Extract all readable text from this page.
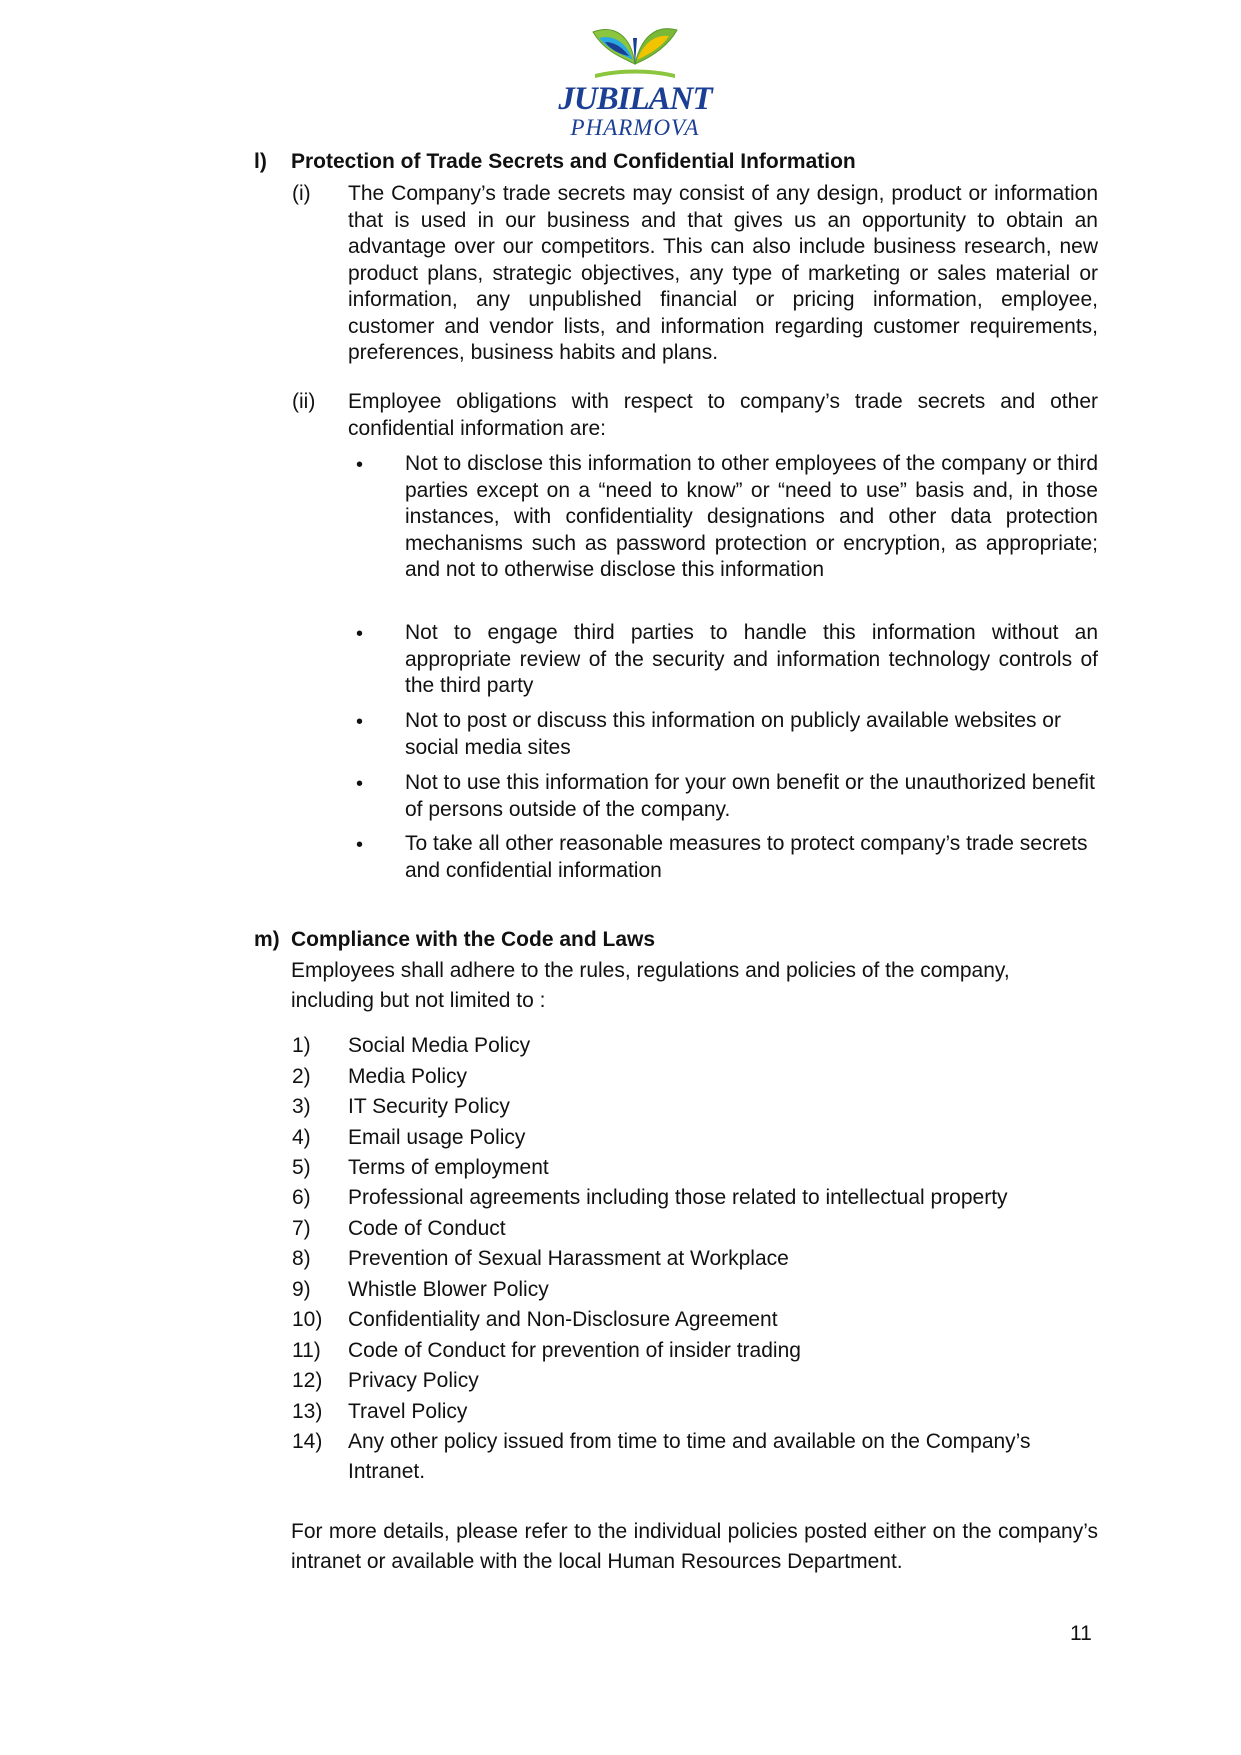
JUBILANT
PHARMOVA
l) Protection of Trade Secrets and Confidential Information
(i) The Company’s trade secrets may consist of any design, product or information that is used in our business and that gives us an opportunity to obtain an advantage over our competitors. This can also include business research, new product plans, strategic objectives, any type of marketing or sales material or information, any unpublished financial or pricing information, employee, customer and vendor lists, and information regarding customer requirements, preferences, business habits and plans.
(ii) Employee obligations with respect to company’s trade secrets and other confidential information are:
• Not to disclose this information to other employees of the company or third parties except on a “need to know” or “need to use” basis and, in those instances, with confidentiality designations and other data protection mechanisms such as password protection or encryption, as appropriate; and not to otherwise disclose this information
• Not to engage third parties to handle this information without an appropriate review of the security and information technology controls of the third party
• Not to post or discuss this information on publicly available websites or social media sites
• Not to use this information for your own benefit or the unauthorized benefit of persons outside of the company.
• To take all other reasonable measures to protect company’s trade secrets and confidential information
m) Compliance with the Code and Laws
Employees shall adhere to the rules, regulations and policies of the company, including but not limited to :
1) Social Media Policy
2) Media Policy
3) IT Security Policy
4) Email usage Policy
5) Terms of employment
6) Professional agreements including those related to intellectual property
7) Code of Conduct
8) Prevention of Sexual Harassment at Workplace
9) Whistle Blower Policy
10) Confidentiality and Non-Disclosure Agreement
11) Code of Conduct for prevention of insider trading
12) Privacy Policy
13) Travel Policy
14) Any other policy issued from time to time and available on the Company’s Intranet.
For more details, please refer to the individual policies posted either on the company’s intranet or available with the local Human Resources Department.
11
